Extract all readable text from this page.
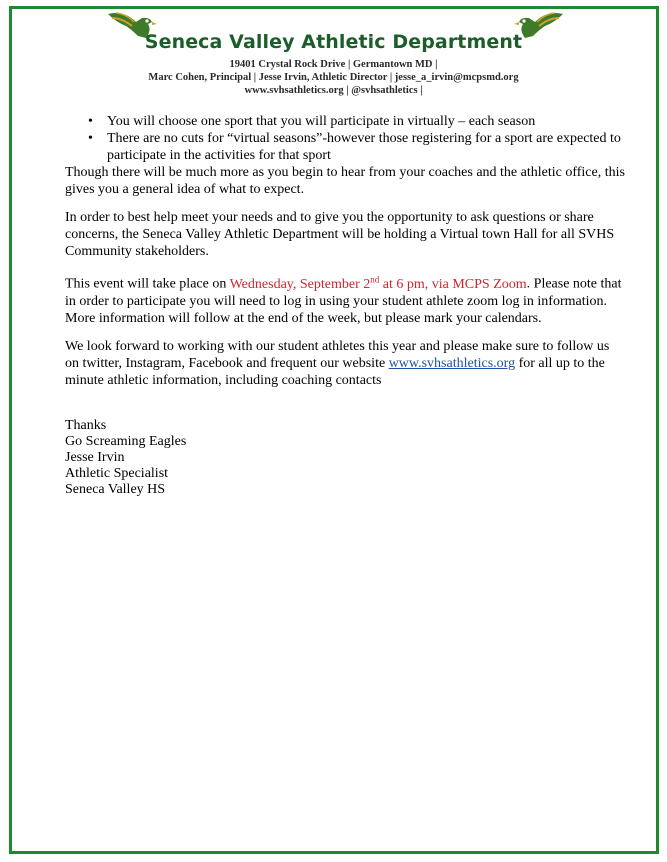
Seneca Valley Athletic Department
19401 Crystal Rock Drive | Germantown MD |
Marc Cohen, Principal | Jesse Irvin, Athletic Director | jesse_a_irvin@mcpsmd.org
www.svhsathletics.org | @svhsathletics |
• You will choose one sport that you will participate in virtually – each season
• There are no cuts for “virtual seasons”-however those registering for a sport are expected to participate in the activities for that sport

Though there will be much more as you begin to hear from your coaches and the athletic office, this gives you a general idea of what to expect.

In order to best help meet your needs and to give you the opportunity to ask questions or share concerns, the Seneca Valley Athletic Department will be holding a Virtual town Hall for all SVHS Community stakeholders.

This event will take place on Wednesday, September 2nd at 6 pm, via MCPS Zoom. Please note that in order to participate you will need to log in using your student athlete zoom log in information. More information will follow at the end of the week, but please mark your calendars.

We look forward to working with our student athletes this year and please make sure to follow us on twitter, Instagram, Facebook and frequent our website www.svhsathletics.org for all up to the minute athletic information, including coaching contacts

Thanks
Go Screaming Eagles
Jesse Irvin
Athletic Specialist
Seneca Valley HS
